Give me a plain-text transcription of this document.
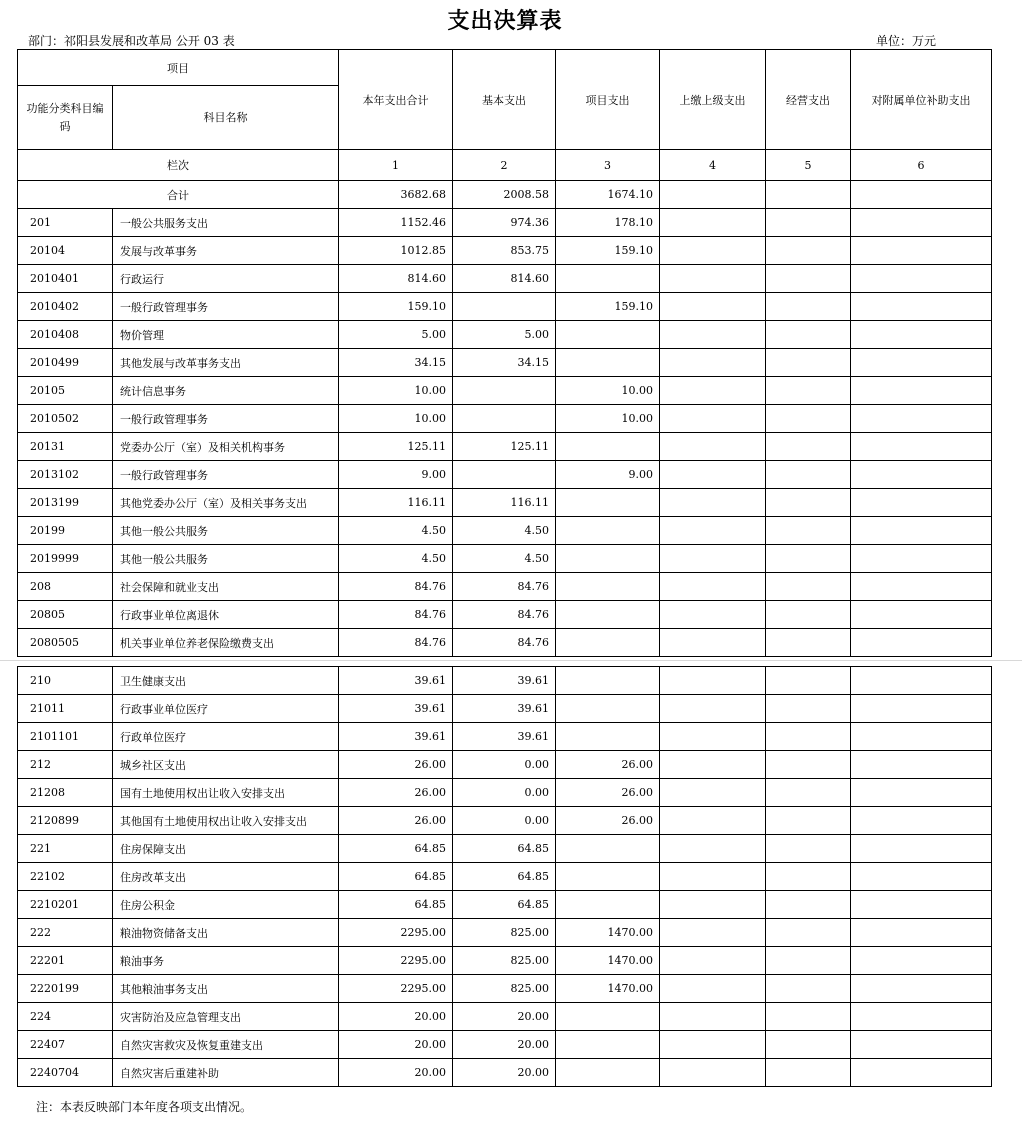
支出决算表
部门：祁阳县发展和改革局 公开 03 表	单位：万元
项目		本年支出合计	基本支出	项目支出	上缴上级支出	经营支出	对附属单位补助支出
功能分类科目编码	科目名称						
栏次		1	2	3	4	5	6
合计		3682.68	2008.58	1674.10			
201	一般公共服务支出	1152.46	974.36	178.10			
20104	发展与改革事务	1012.85	853.75	159.10			
2010401	行政运行	814.60	814.60				
2010402	一般行政管理事务	159.10		159.10			
2010408	物价管理	5.00	5.00				
2010499	其他发展与改革事务支出	34.15	34.15				
20105	统计信息事务	10.00		10.00			
2010502	一般行政管理事务	10.00		10.00			
20131	党委办公厅（室）及相关机构事务	125.11	125.11				
2013102	一般行政管理事务	9.00		9.00			
2013199	其他党委办公厅（室）及相关事务支出	116.11	116.11				
20199	其他一般公共服务	4.50	4.50				
2019999	其他一般公共服务	4.50	4.50				
208	社会保障和就业支出	84.76	84.76				
20805	行政事业单位离退休	84.76	84.76				
2080505	机关事业单位养老保险缴费支出	84.76	84.76				
210	卫生健康支出	39.61	39.61				
21011	行政事业单位医疗	39.61	39.61				
2101101	行政单位医疗	39.61	39.61				
212	城乡社区支出	26.00	0.00	26.00			
21208	国有土地使用权出让收入安排支出	26.00	0.00	26.00			
2120899	其他国有土地使用权出让收入安排支出	26.00	0.00	26.00			
221	住房保障支出	64.85	64.85				
22102	住房改革支出	64.85	64.85				
2210201	住房公积金	64.85	64.85				
222	粮油物资储备支出	2295.00	825.00	1470.00			
22201	粮油事务	2295.00	825.00	1470.00			
2220199	其他粮油事务支出	2295.00	825.00	1470.00			
224	灾害防治及应急管理支出	20.00	20.00				
22407	自然灾害救灾及恢复重建支出	20.00	20.00				
2240704	自然灾害后重建补助	20.00	20.00				
注：本表反映部门本年度各项支出情况。
